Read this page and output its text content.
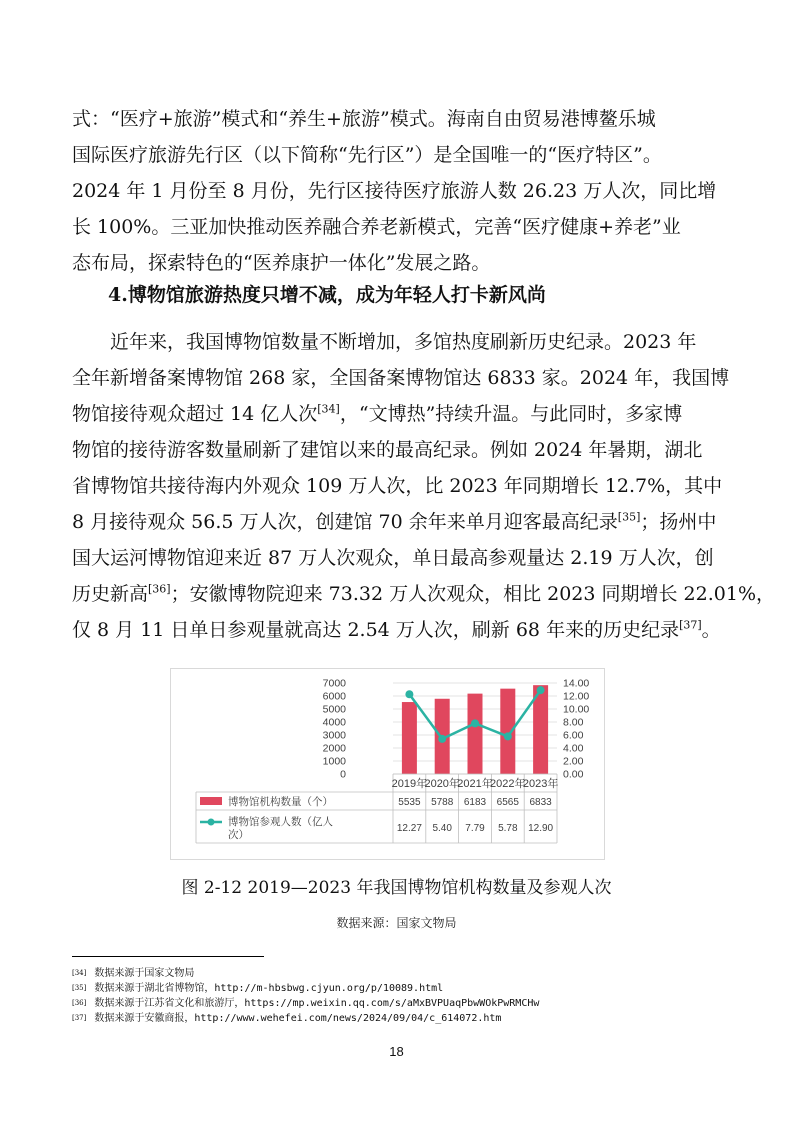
式：“医疗+旅游”模式和“养生+旅游”模式。海南自由贸易港博鳌乐城
国际医疗旅游先行区（以下简称“先行区”）是全国唯一的“医疗特区”。
2024 年 1 月份至 8 月份，先行区接待医疗旅游人数 26.23 万人次，同比增
长 100%。三亚加快推动医养融合养老新模式，完善“医疗健康+养老”业
态布局，探索特色的“医养康护一体化”发展之路。
4.博物馆旅游热度只增不减，成为年轻人打卡新风尚
近年来，我国博物馆数量不断增加，多馆热度刷新历史纪录。2023 年
全年新增备案博物馆 268 家，全国备案博物馆达 6833 家。2024 年，我国博
物馆接待观众超过 14 亿人次[34]，“文博热”持续升温。与此同时，多家博
物馆的接待游客数量刷新了建馆以来的最高纪录。例如 2024 年暑期，湖北
省博物馆共接待海内外观众 109 万人次，比 2023 年同期增长 12.7%，其中
8 月接待观众 56.5 万人次，创建馆 70 余年来单月迎客最高纪录[35]；扬州中
国大运河博物馆迎来近 87 万人次观众，单日最高参观量达 2.19 万人次，创
历史新高[36]；安徽博物院迎来 73.32 万人次观众，相比 2023 同期增长 22.01%，
仅 8 月 11 日单日参观量就高达 2.54 万人次，刷新 68 年来的历史纪录[37]。
0
1000
2000
3000
4000
5000
6000
7000
0.00
2.00
4.00
6.00
8.00
10.00
12.00
14.00
2019年
2020年
2021年
2022年
2023年
博物馆机构数量（个）	5535 5788 6183 6565 6833
博物馆参观人数（亿人
次）
12.27 5.40 7.79 5.78 12.90
图 2-12 2019—2023 年我国博物馆机构数量及参观人次
数据来源：国家文物局
[34] 数据来源于国家文物局
[35] 数据来源于湖北省博物馆，http://m-hbsbwg.cjyun.org/p/10089.html
[36] 数据来源于江苏省文化和旅游厅，https://mp.weixin.qq.com/s/aMxBVPUaqPbwWOkPwRMCHw
[37] 数据来源于安徽商报，http://www.wehefei.com/news/2024/09/04/c_614072.htm
18
